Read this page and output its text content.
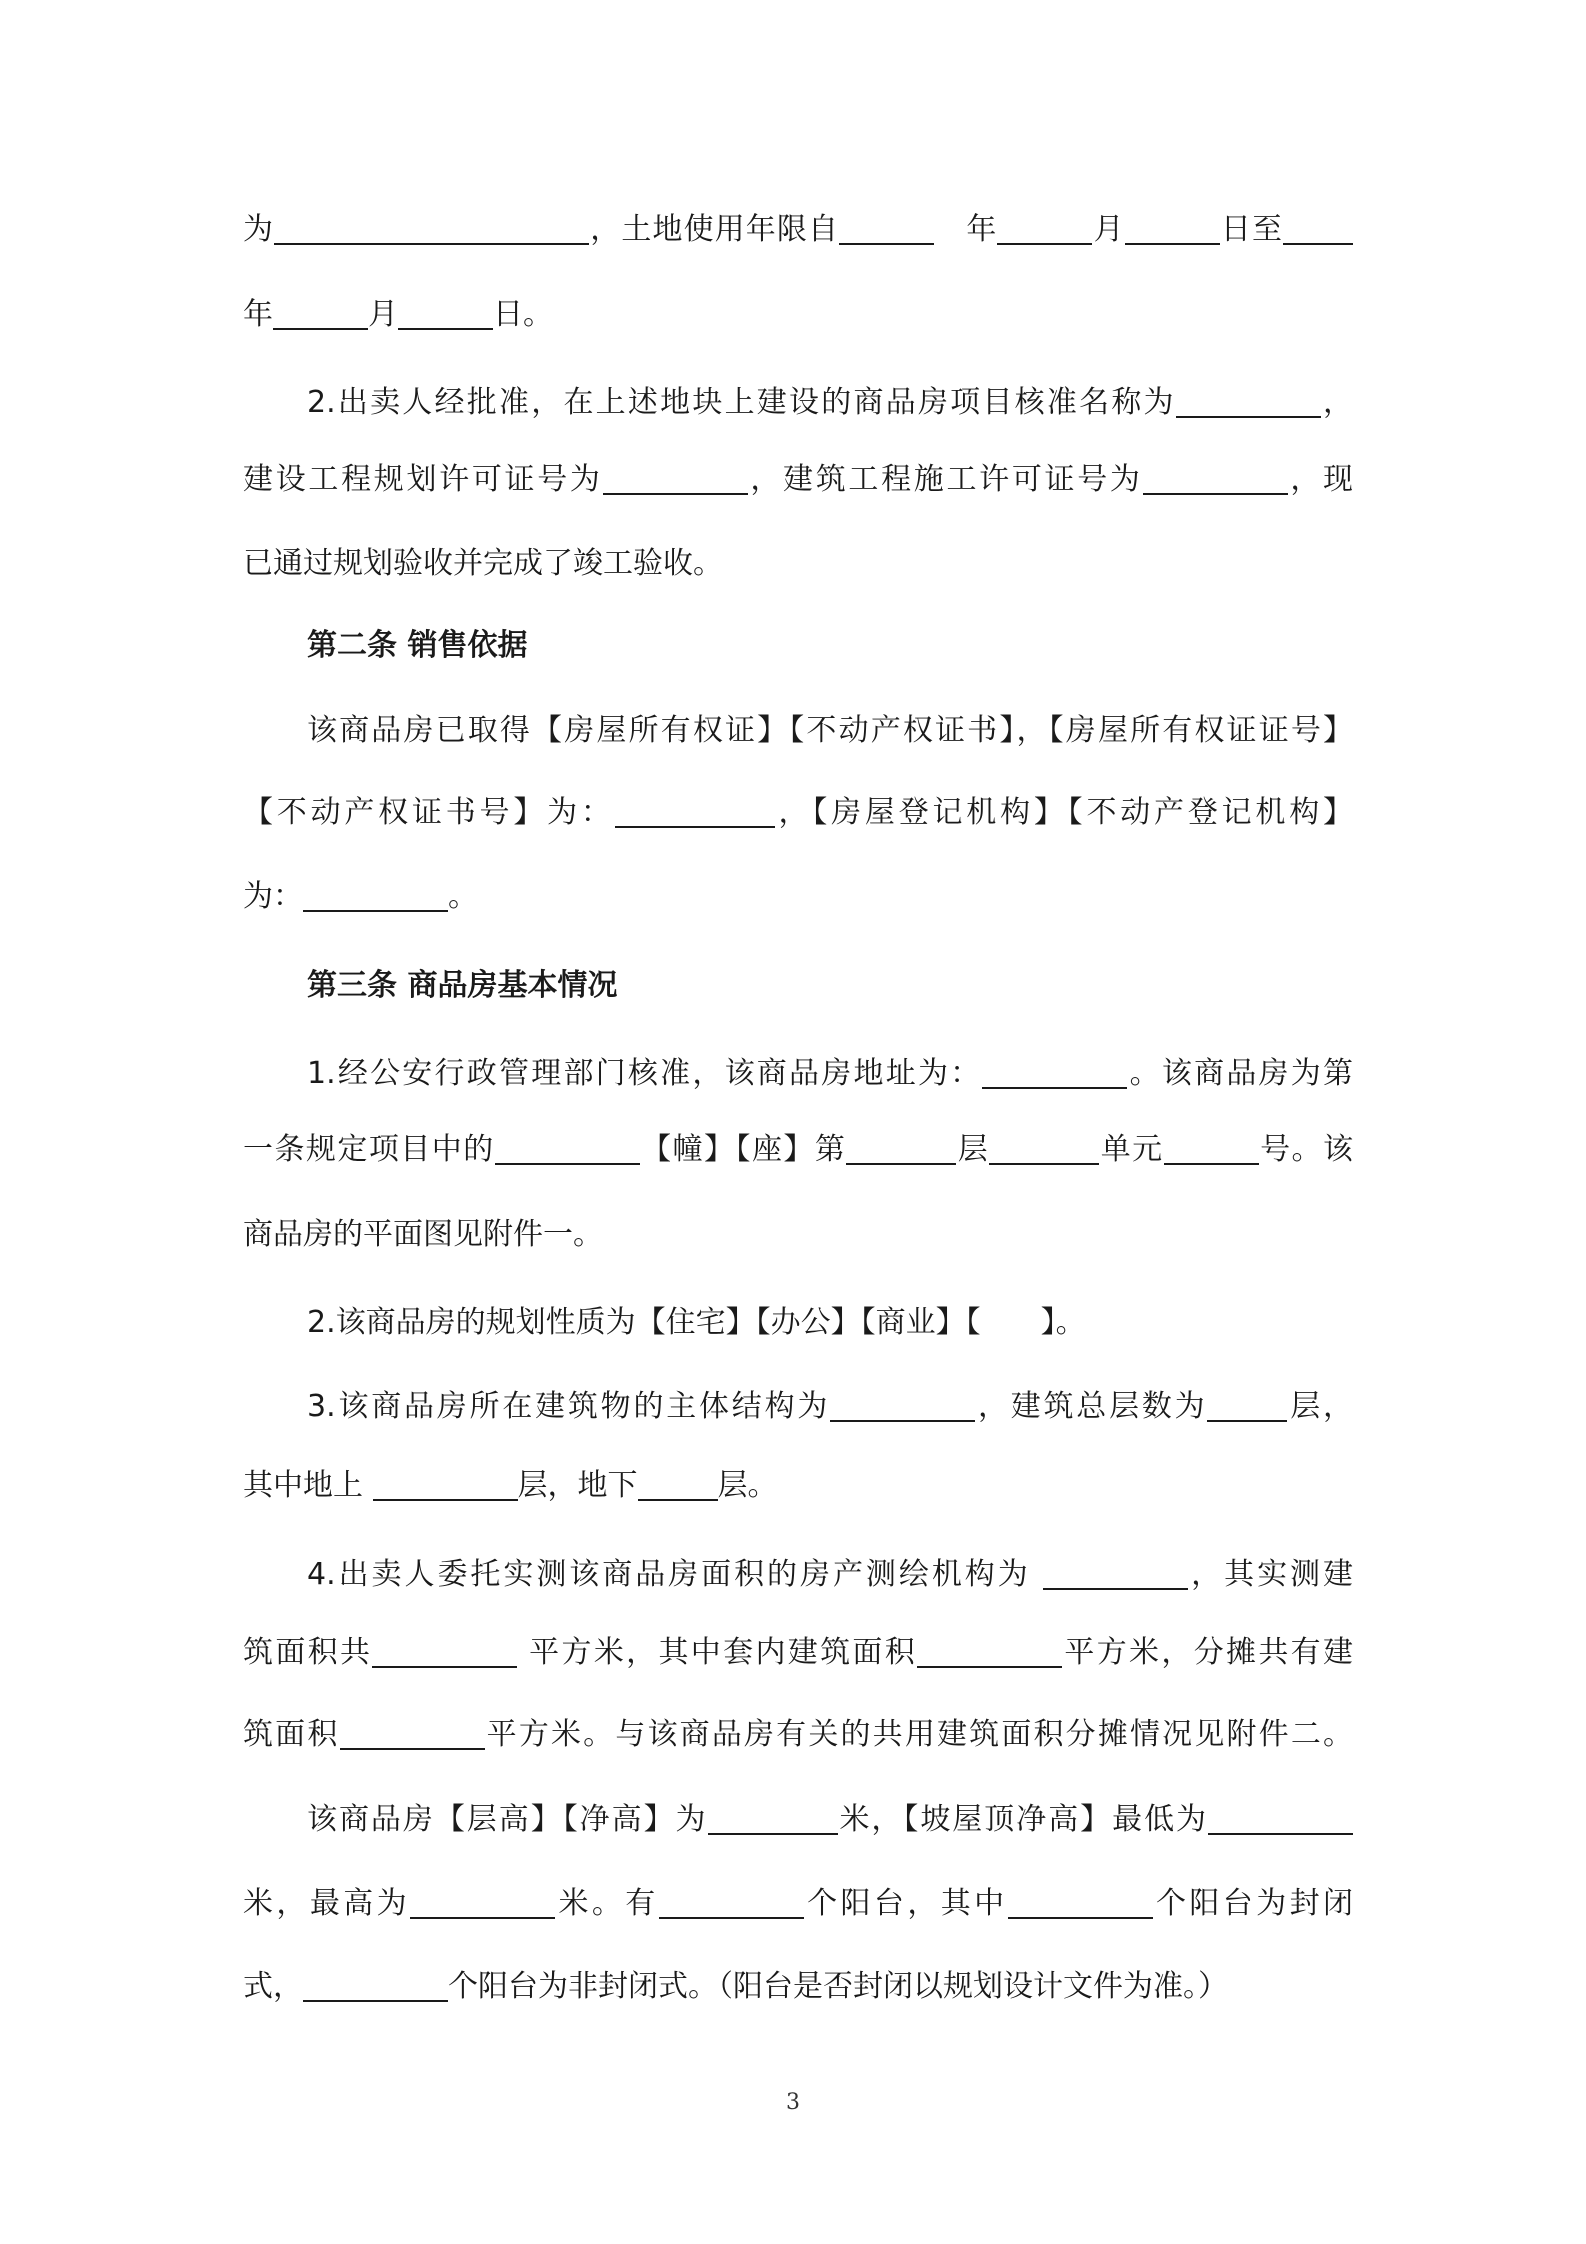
为	，土地使用年限自　	年	月	日至
年	月	日。
2.出卖人经批准，在上述地块上建设的商品房项目核准名称为	，
建设工程规划许可证号为	，建筑工程施工许可证号为	，现
已通过规划验收并完成了竣工验收。
第二条 销售依据
该商品房已取得【房屋所有权证】【不动产权证书】，【房屋所有权证证号】
【不动产权证书号】为：	，【房屋登记机构】【不动产登记机构】
为：	。
第三条 商品房基本情况
1.经公安行政管理部门核准，该商品房地址为：	。该商品房为第
一条规定项目中的	【幢】【座】第	层	单元	号。该
商品房的平面图见附件一。
2.该商品房的规划性质为【住宅】【办公】【商业】【　　】。
3.该商品房所在建筑物的主体结构为	，建筑总层数为	层，
其中地上	层，地下	层。
4.出卖人委托实测该商品房面积的房产测绘机构为	，其实测建
筑面积共	平方米，其中套内建筑面积	平方米，分摊共有建
筑面积	平方米。与该商品房有关的共用建筑面积分摊情况见附件二。
该商品房【层高】【净高】为	米，【坡屋顶净高】最低为
米，最高为	米。有	个阳台，其中	个阳台为封闭
式，	个阳台为非封闭式。（阳台是否封闭以规划设计文件为准。）
3
